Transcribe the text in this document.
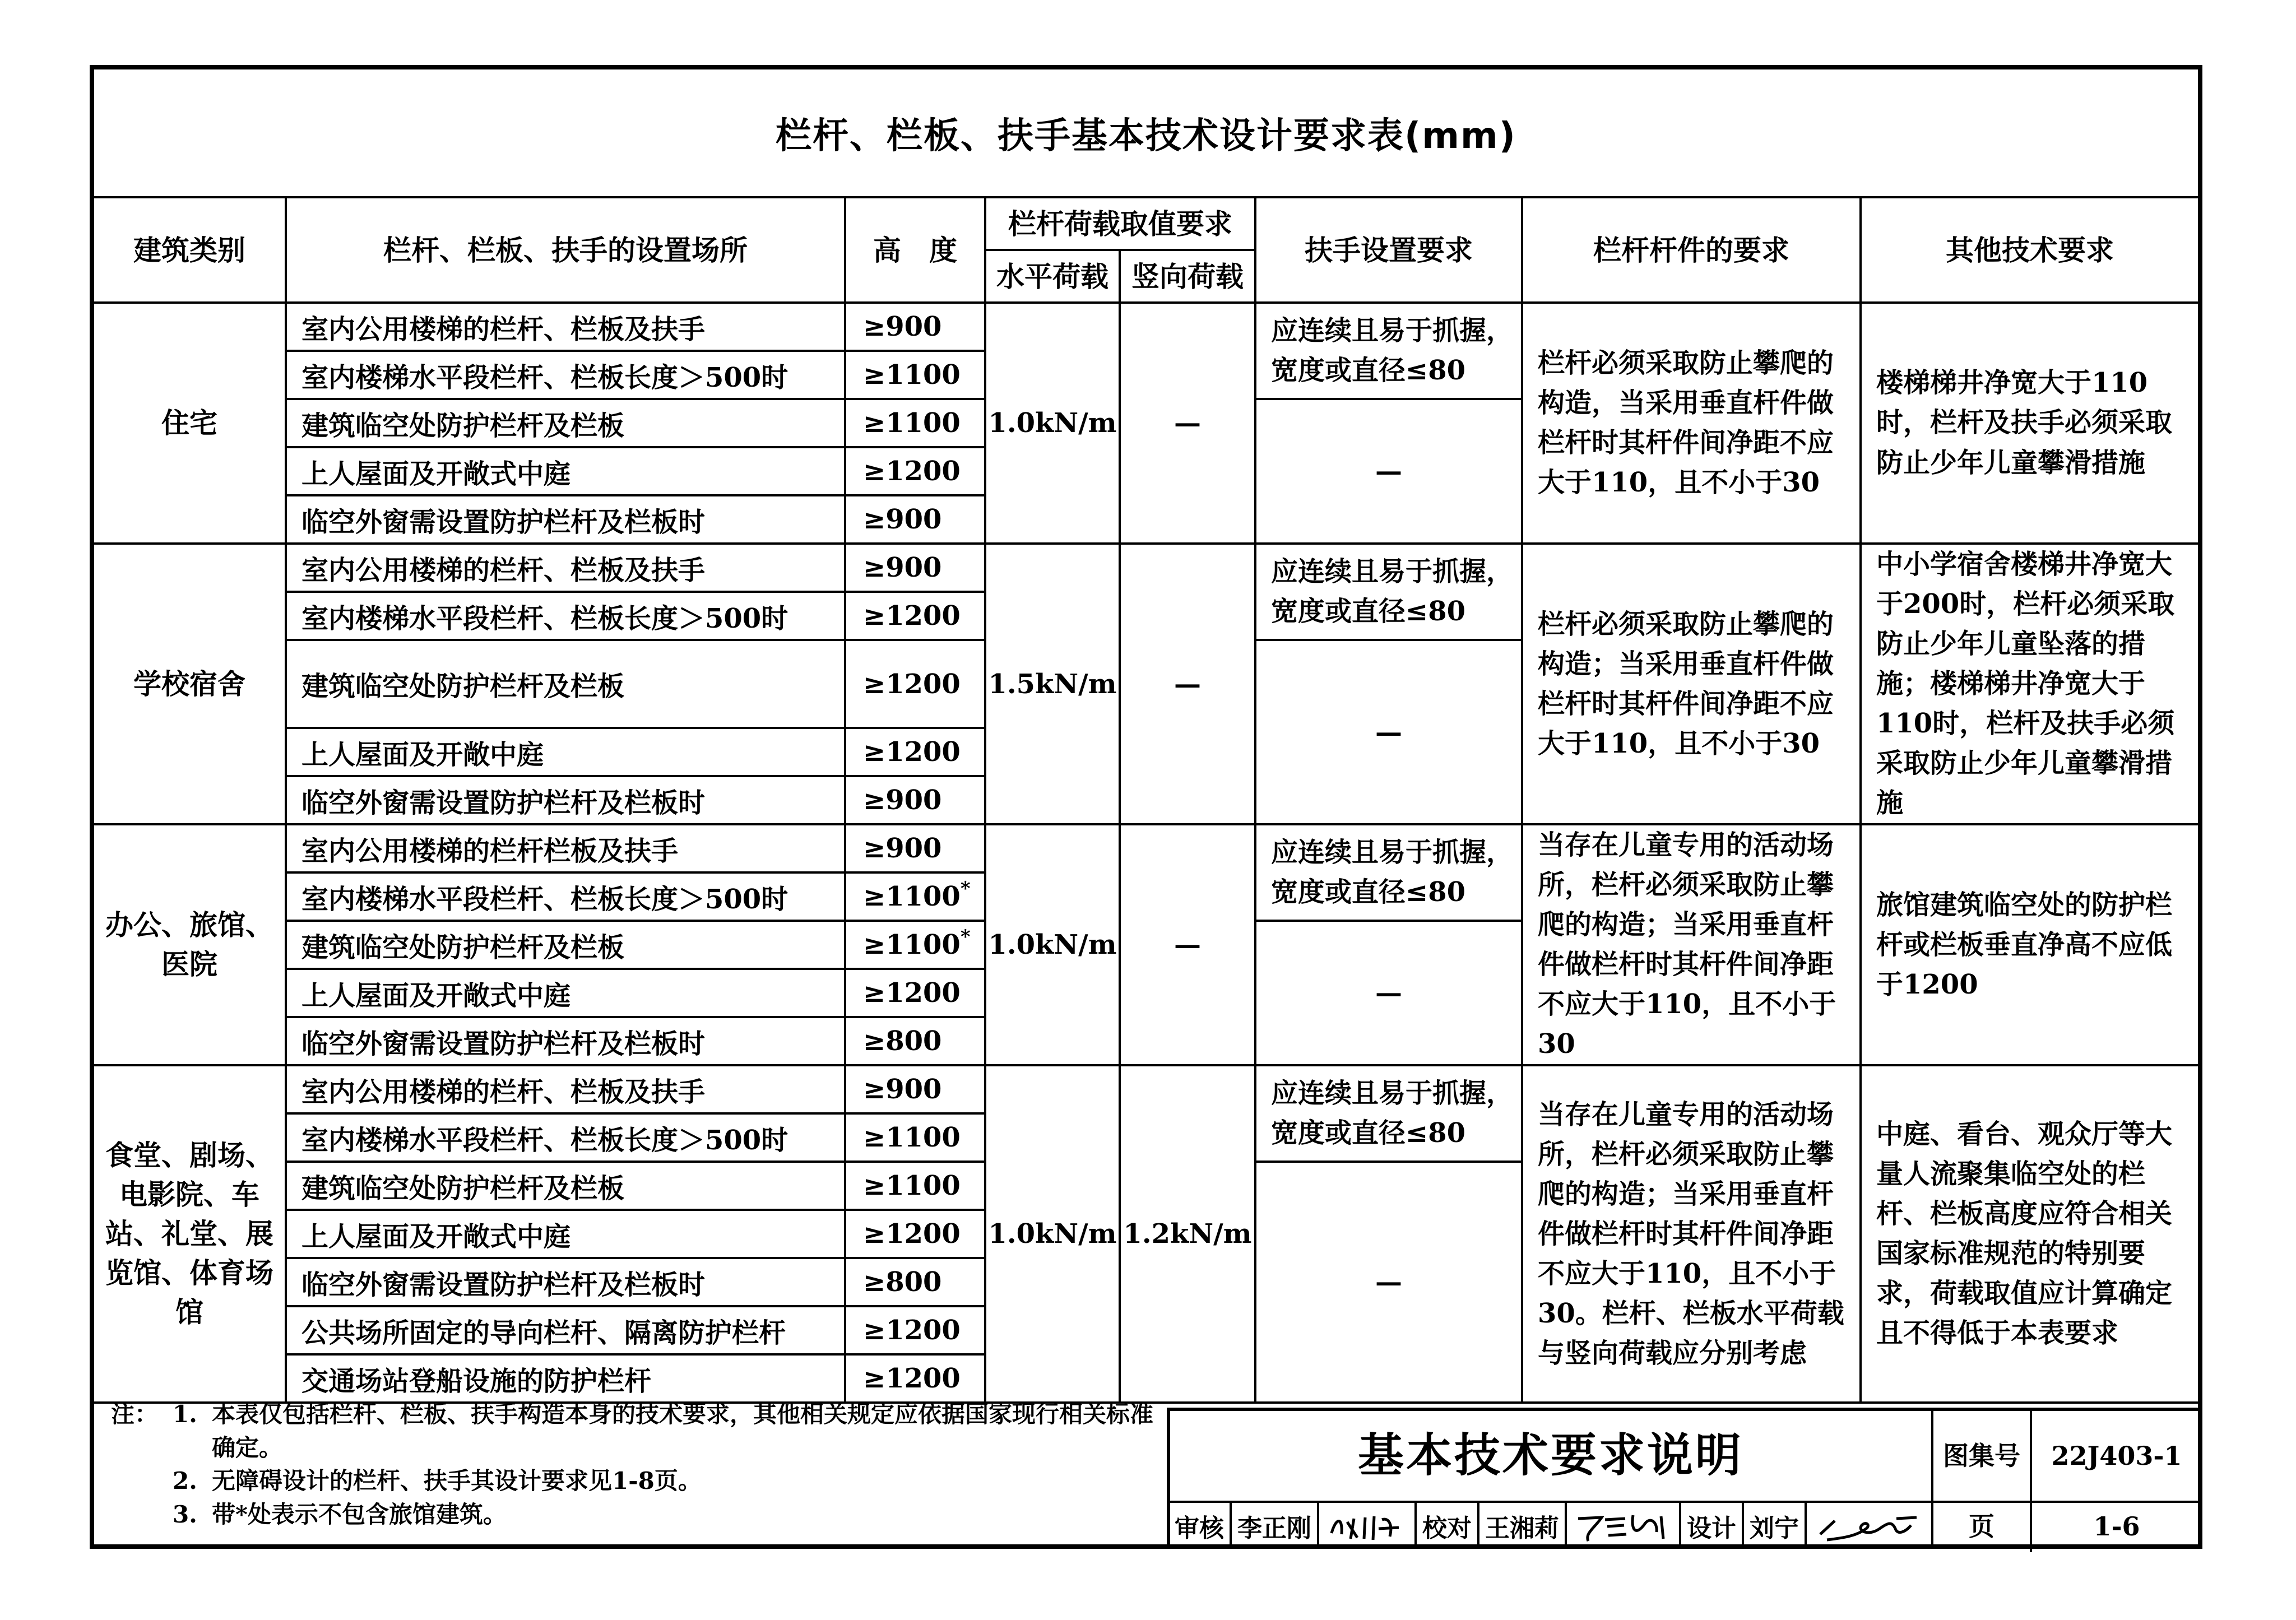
栏杆、栏板、扶手基本技术设计要求表(mm)							
建筑类别	栏杆、栏板、扶手的设置场所	高　度	栏杆荷载取值要求		扶手设置要求	栏杆杆件的要求	其他技术要求
			水平荷载	竖向荷载			
住宅	室内公用楼梯的栏杆、栏板及扶手	≥900	1.0kN/m	—	应连续且易于抓握，宽度或直径≤80	栏杆必须采取防止攀爬的构造，当采用垂直杆件做栏杆时其杆件间净距不应大于110，且不小于30	楼梯梯井净宽大于110时，栏杆及扶手必须采取防止少年儿童攀滑措施
	室内楼梯水平段栏杆、栏板长度＞500时	≥1100					
	建筑临空处防护栏杆及栏板	≥1100			—		
	上人屋面及开敞式中庭	≥1200					
	临空外窗需设置防护栏杆及栏板时	≥900					
学校宿舍	室内公用楼梯的栏杆、栏板及扶手	≥900	1.5kN/m	—	应连续且易于抓握，宽度或直径≤80	栏杆必须采取防止攀爬的构造；当采用垂直杆件做栏杆时其杆件间净距不应大于110，且不小于30	中小学宿舍楼梯井净宽大于200时，栏杆必须采取防止少年儿童坠落的措施；楼梯梯井净宽大于110时，栏杆及扶手必须采取防止少年儿童攀滑措施
	室内楼梯水平段栏杆、栏板长度＞500时	≥1200					
	建筑临空处防护栏杆及栏板	≥1200			—		
	上人屋面及开敞中庭	≥1200					
	临空外窗需设置防护栏杆及栏板时	≥900					
办公、旅馆、医院	室内公用楼梯的栏杆栏板及扶手	≥900	1.0kN/m	—	应连续且易于抓握，宽度或直径≤80	当存在儿童专用的活动场所，栏杆必须采取防止攀爬的构造；当采用垂直杆件做栏杆时其杆件间净距不应大于110，且不小于30	旅馆建筑临空处的防护栏杆或栏板垂直净高不应低于1200
	室内楼梯水平段栏杆、栏板长度＞500时	≥1100*
	建筑临空处防护栏杆及栏板	≥1100*			—		
	上人屋面及开敞式中庭	≥1200					
	临空外窗需设置防护栏杆及栏板时	≥800					
食堂、剧场、电影院、车站、礼堂、展览馆、体育场馆	室内公用楼梯的栏杆、栏板及扶手	≥900	1.0kN/m	1.2kN/m	应连续且易于抓握，宽度或直径≤80	当存在儿童专用的活动场所，栏杆必须采取防止攀爬的构造；当采用垂直杆件做栏杆时其杆件间净距不应大于110，且不小于30。栏杆、栏板水平荷载与竖向荷载应分别考虑	中庭、看台、观众厅等大量人流聚集临空处的栏杆、栏板高度应符合相关国家标准规范的特别要求，荷载取值应计算确定且不得低于本表要求
	室内楼梯水平段栏杆、栏板长度＞500时	≥1100					
	建筑临空处防护栏杆及栏板	≥1100			—		
	上人屋面及开敞式中庭	≥1200					
	临空外窗需设置防护栏杆及栏板时	≥800					
	公共场所固定的导向栏杆、隔离防护栏杆	≥1200					
	交通场站登船设施的防护栏杆	≥1200					
注： 1. 本表仅包括栏杆、栏板、扶手构造本身的技术要求，其他相关规定应依据国家现行相关标准确定。
2. 无障碍设计的栏杆、扶手其设计要求见1-8页。
3. 带*处表示不包含旅馆建筑。
基本技术要求说明	图集号	22J403-1
页	1-6
审核 李正刚	校对 王湘莉	设计 刘宁
